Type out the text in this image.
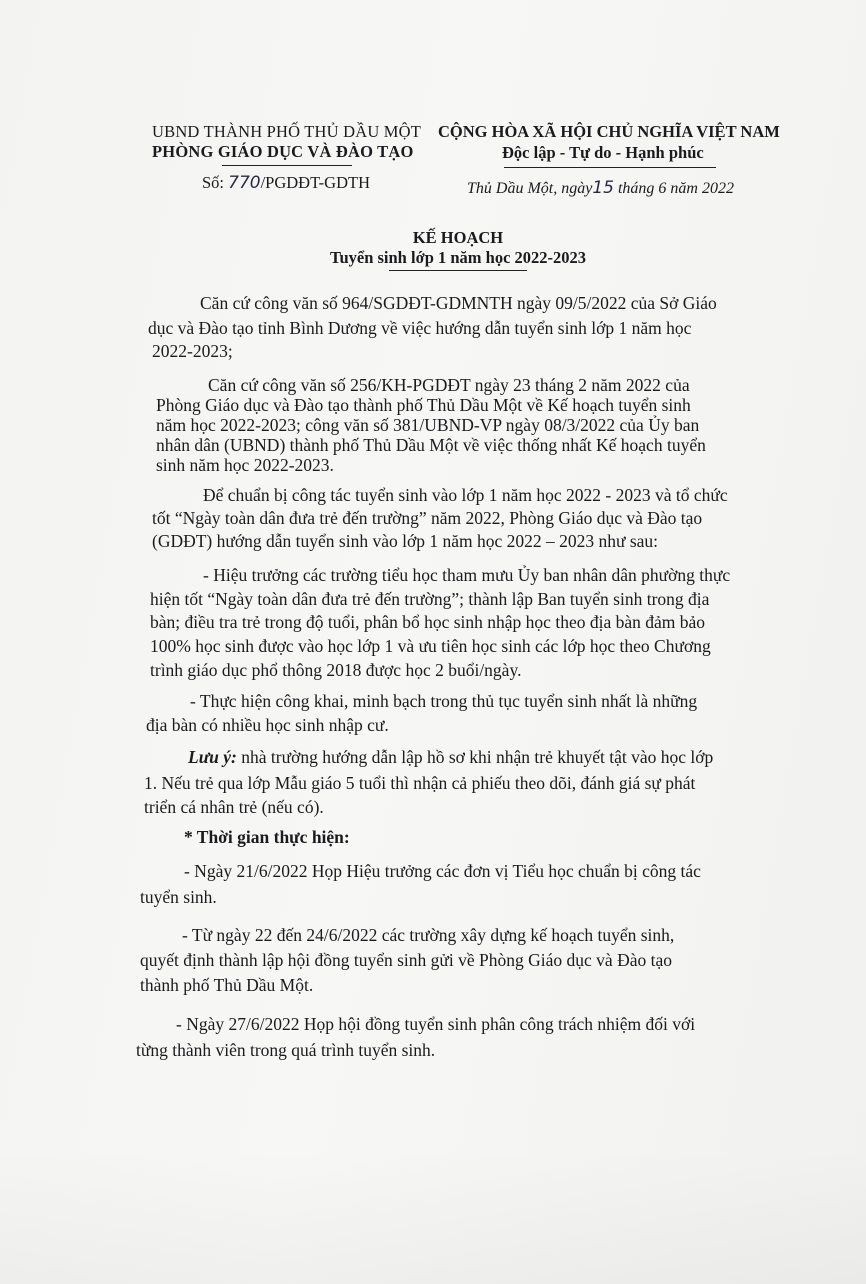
UBND THÀNH PHỐ THỦ DẦU MỘT
PHÒNG GIÁO DỤC VÀ ĐÀO TẠO
CỘNG HÒA XÃ HỘI CHỦ NGHĨA VIỆT NAM
Độc lập - Tự do - Hạnh phúc
Số: 770/PGDĐT-GDTH	Thủ Dầu Một, ngày15 tháng 6 năm 2022
KẾ HOẠCH
Tuyển sinh lớp 1 năm học 2022-2023
Căn cứ công văn số 964/SGDĐT-GDMNTH ngày 09/5/2022 của Sở Giáo
dục và Đào tạo tỉnh Bình Dương về việc hướng dẫn tuyển sinh lớp 1 năm học
2022-2023;
Căn cứ công văn số 256/KH-PGDĐT ngày 23 tháng 2 năm 2022 của
Phòng Giáo dục và Đào tạo thành phố Thủ Dầu Một về Kế hoạch tuyển sinh
năm học 2022-2023; công văn số 381/UBND-VP ngày 08/3/2022 của Ủy ban
nhân dân (UBND) thành phố Thủ Dầu Một về việc thống nhất Kế hoạch tuyển
sinh năm học 2022-2023.
Để chuẩn bị công tác tuyển sinh vào lớp 1 năm học 2022 - 2023 và tổ chức
tốt “Ngày toàn dân đưa trẻ đến trường” năm 2022, Phòng Giáo dục và Đào tạo
(GDĐT) hướng dẫn tuyển sinh vào lớp 1 năm học 2022 – 2023 như sau:
- Hiệu trưởng các trường tiểu học tham mưu Ủy ban nhân dân phường thực
hiện tốt “Ngày toàn dân đưa trẻ đến trường”; thành lập Ban tuyển sinh trong địa
bàn; điều tra trẻ trong độ tuổi, phân bổ học sinh nhập học theo địa bàn đảm bảo
100% học sinh được vào học lớp 1 và ưu tiên học sinh các lớp học theo Chương
trình giáo dục phổ thông 2018 được học 2 buổi/ngày.
- Thực hiện công khai, minh bạch trong thủ tục tuyển sinh nhất là những
địa bàn có nhiều học sinh nhập cư.
Lưu ý: nhà trường hướng dẫn lập hồ sơ khi nhận trẻ khuyết tật vào học lớp
1. Nếu trẻ qua lớp Mẫu giáo 5 tuổi thì nhận cả phiếu theo dõi, đánh giá sự phát
triển cá nhân trẻ (nếu có).
* Thời gian thực hiện:
- Ngày 21/6/2022 Họp Hiệu trưởng các đơn vị Tiểu học chuẩn bị công tác
tuyển sinh.
- Từ ngày 22 đến 24/6/2022 các trường xây dựng kế hoạch tuyển sinh,
quyết định thành lập hội đồng tuyển sinh gửi về Phòng Giáo dục và Đào tạo
thành phố Thủ Dầu Một.
- Ngày 27/6/2022 Họp hội đồng tuyển sinh phân công trách nhiệm đối với
từng thành viên trong quá trình tuyển sinh.
